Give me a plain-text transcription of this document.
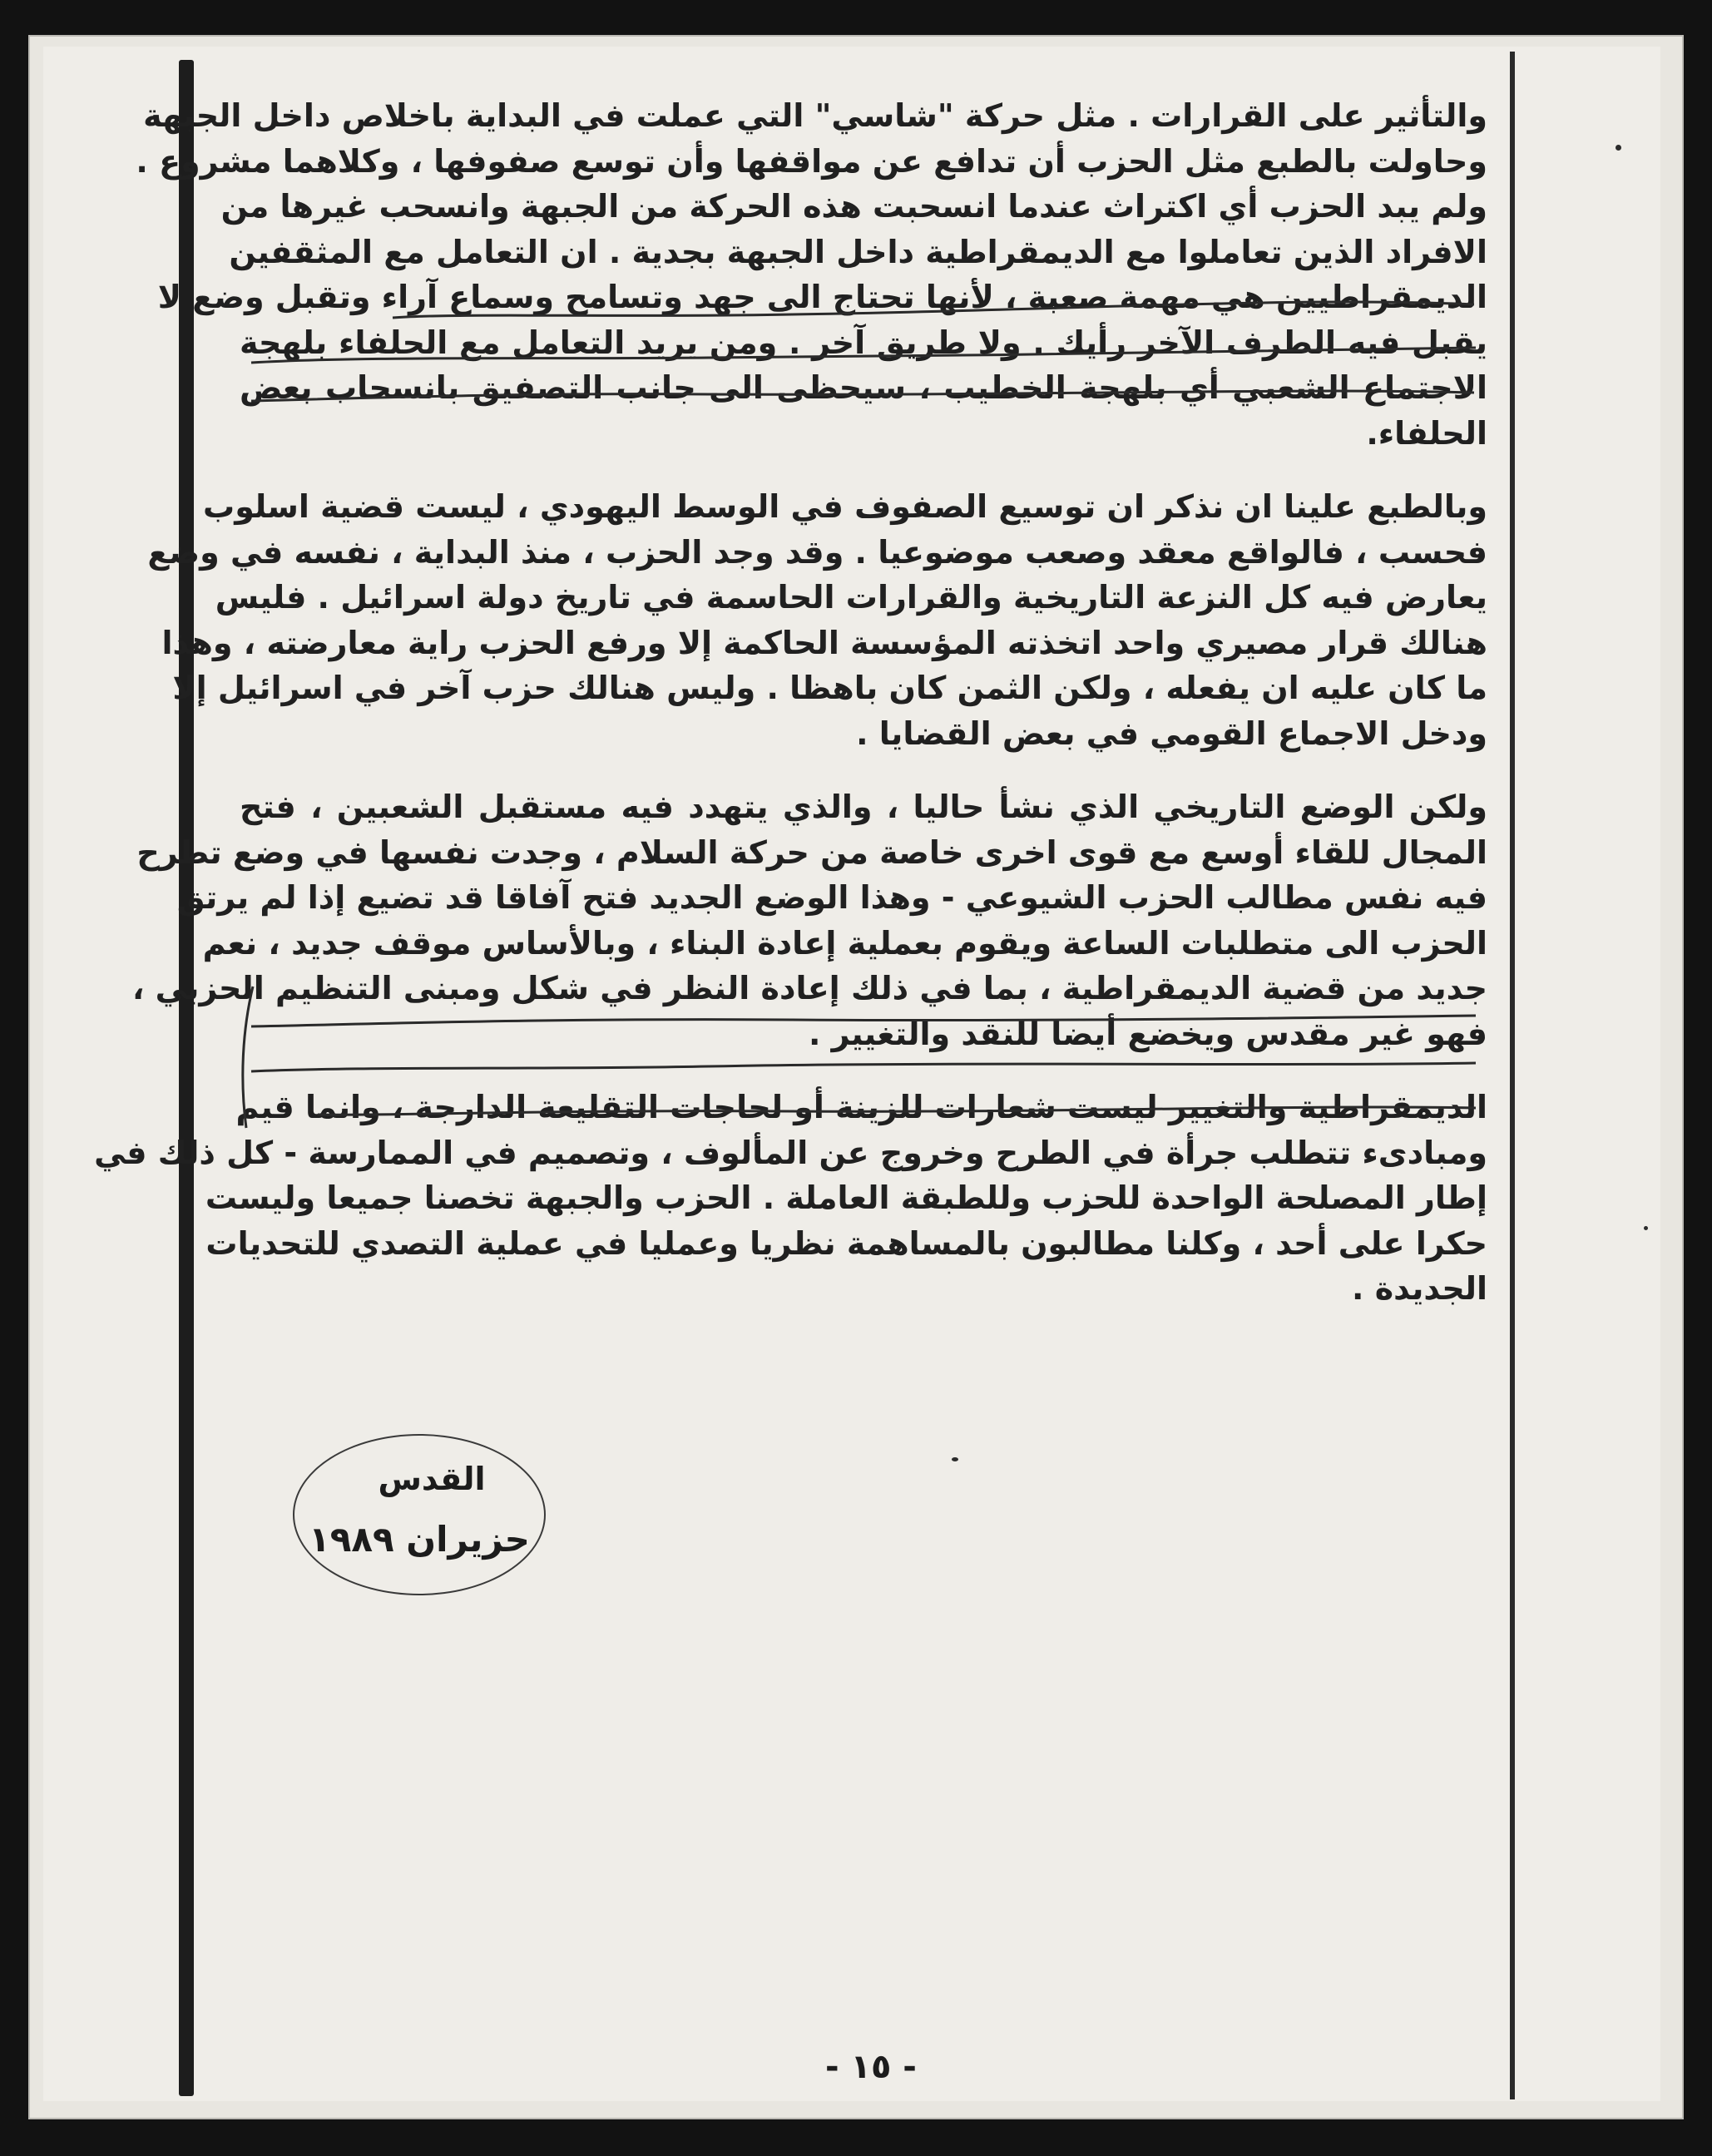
والتأثير على القرارات . مثل حركة "شاسي" التي عملت في البداية باخلاص داخل الجبهة
وحاولت بالطبع مثل الحزب أن تدافع عن مواقفها وأن توسع صفوفها ، وكلاهما مشروع .
ولم يبد الحزب أي اكتراث عندما انسحبت هذه الحركة من الجبهة وانسحب غيرها من
الافراد الذين تعاملوا مع الديمقراطية داخل الجبهة بجدية . ان التعامل مع المثقفين
الديمقراطيين هي مهمة صعبة ، لأنها تحتاج الى جهد وتسامح وسماع آراء وتقبل وضع لا
يقبل فيه الطرف الآخر رأيك . ولا طريق آخر . ومن يريد التعامل مع الحلفاء بلهجة
الاجتماع الشعبي أي بلهجة الخطيب ، سيحظى الى جانب التصفيق بانسحاب بعض
الحلفاء.
وبالطبع علينا ان نذكر ان توسيع الصفوف في الوسط اليهودي ، ليست قضية اسلوب
فحسب ، فالواقع معقد وصعب موضوعيا . وقد وجد الحزب ، منذ البداية ، نفسه في وضع
يعارض فيه كل النزعة التاريخية والقرارات الحاسمة في تاريخ دولة اسرائيل . فليس
هنالك قرار مصيري واحد اتخذته المؤسسة الحاكمة إلا ورفع الحزب راية معارضته ، وهذا
ما كان عليه ان يفعله ، ولكن الثمن كان باهظا . وليس هنالك حزب آخر في اسرائيل إلا
ودخل الاجماع القومي في بعض القضايا .
ولكن الوضع التاريخي الذي نشأ حاليا ، والذي يتهدد فيه مستقبل الشعبين ، فتح
المجال للقاء أوسع مع قوى اخرى خاصة من حركة السلام ، وجدت نفسها في وضع تطرح
فيه نفس مطالب الحزب الشيوعي - وهذا الوضع الجديد فتح آفاقا قد تضيع إذا لم يرتق
الحزب الى متطلبات الساعة ويقوم بعملية إعادة البناء ، وبالأساس موقف جديد ، نعم
جديد من قضية الديمقراطية ، بما في ذلك إعادة النظر في شكل ومبنى التنظيم الحزبي ،
فهو غير مقدس ويخضع أيضا للنقد والتغيير .
الديمقراطية والتغيير ليست شعارات للزينة أو لحاجات التقليعة الدارجة ، وانما قيم
ومبادىء تتطلب جرأة في الطرح وخروج عن المألوف ، وتصميم في الممارسة - كل ذلك في
إطار المصلحة الواحدة للحزب وللطبقة العاملة . الحزب والجبهة تخصنا جميعا وليست
حكرا على أحد ، وكلنا مطالبون بالمساهمة نظريا وعمليا في عملية التصدي للتحديات
الجديدة .
القدس
حزيران ١٩٨٩
- ١٥ -
